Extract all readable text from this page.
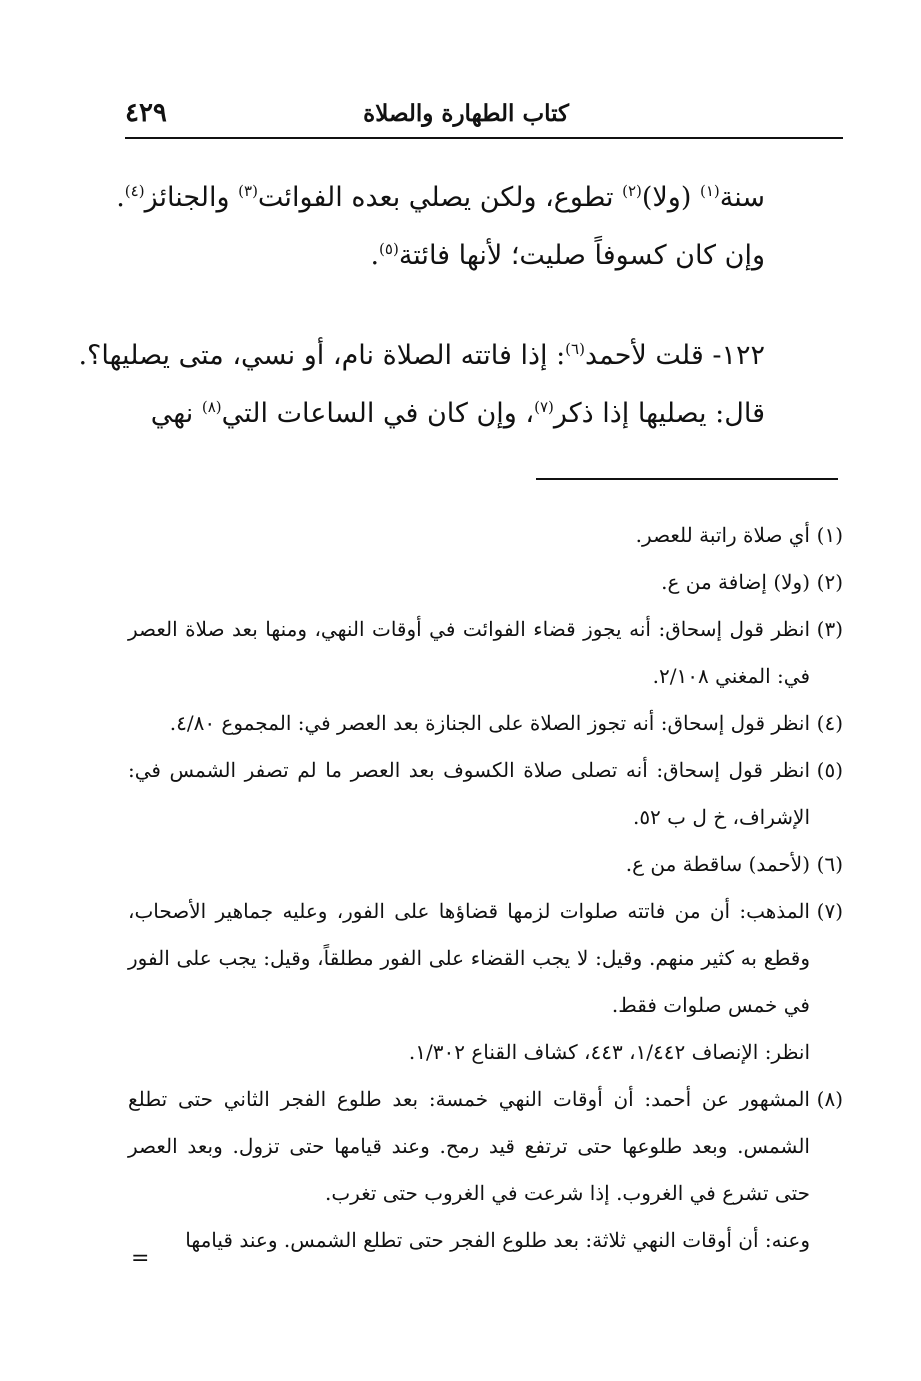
كتاب الطهارة والصلاة
٤٢٩
سنة$^{(١)}$ (ولا)$^{(٢)}$ تطوع، ولكن يصلي بعده الفوائت$^{(٣)}$ والجنائز$^{(٤)}$.
وإن كان كسوفاً صليت؛ لأنها فائتة$^{(٥)}$.
١٢٢- قلت لأحمد$^{(٦)}$: إذا فاتته الصلاة نام، أو نسي، متى يصليها؟.
قال: يصليها إذا ذكر$^{(٧)}$، وإن كان في الساعات التي$^{(٨)}$ نهي
(١)
أي صلاة راتبة للعصر.
(٢)
(ولا) إضافة من ع.
(٣)
انظر قول إسحاق: أنه يجوز قضاء الفوائت في أوقات النهي، ومنها بعد صلاة العصر في: المغني ٢/١٠٨.
(٤)
انظر قول إسحاق: أنه تجوز الصلاة على الجنازة بعد العصر في: المجموع ٤/٨٠.
(٥)
انظر قول إسحاق: أنه تصلى صلاة الكسوف بعد العصر ما لم تصفر الشمس في: الإشراف، خ ل ب ٥٢.
(٦)
(لأحمد) ساقطة من ع.
(٧)
المذهب: أن من فاتته صلوات لزمها قضاؤها على الفور، وعليه جماهير الأصحاب، وقطع به كثير منهم. وقيل: لا يجب القضاء على الفور مطلقاً، وقيل: يجب على الفور في خمس صلوات فقط.
انظر: الإنصاف ١/٤٤٢، ٤٤٣، كشاف القناع ١/٣٠٢.
(٨)
المشهور عن أحمد: أن أوقات النهي خمسة: بعد طلوع الفجر الثاني حتى تطلع الشمس. وبعد طلوعها حتى ترتفع قيد رمح. وعند قيامها حتى تزول. وبعد العصر حتى تشرع في الغروب. إذا شرعت في الغروب حتى تغرب.
وعنه: أن أوقات النهي ثلاثة: بعد طلوع الفجر حتى تطلع الشمس. وعند قيامها
=
